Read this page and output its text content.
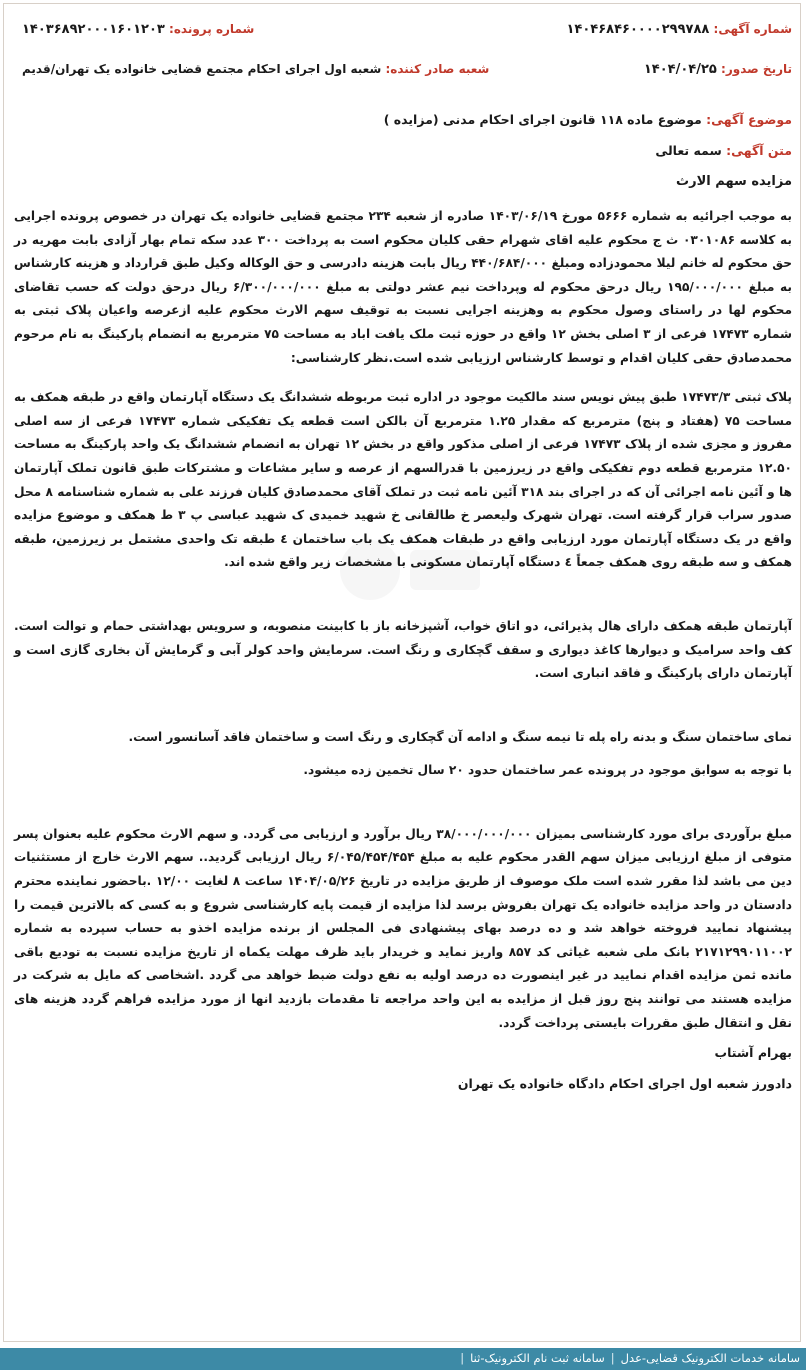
شماره آگهی: ۱۴۰۴۶۸۴۶۰۰۰۰۲۹۹۷۸۸
شماره پرونده: ۱۴۰۳۶۸۹۲۰۰۰۱۶۰۱۲۰۳
تاریخ صدور: ۱۴۰۴/۰۴/۲۵
شعبه صادر کننده: شعبه اول اجرای احکام مجتمع قضایی خانواده یک تهران/قدیم
موضوع آگهی: موضوع ماده ۱۱۸ قانون اجرای احکام مدنی (مزایده )
متن آگهی: سمه تعالی
مزایده سهم الارث

به موجب اجرائیه به شماره ۵۶۶۶ مورخ ۱۴۰۳/۰۶/۱۹ صادره از شعبه ۲۳۴ مجتمع قضایی خانواده یک تهران در خصوص پرونده اجرایی به کلاسه ۰۳۰۱۰۸۶ ث ج محکوم علیه اقای شهرام حقی کلیان محکوم است به پرداخت ۳۰۰ عدد سکه تمام بهار آزادی بابت مهریه در حق محکوم له خانم لیلا محمودزاده ومبلغ ۴۴۰/۶۸۴/۰۰۰ ریال بابت هزینه دادرسی و حق الوکاله وکیل طبق قرارداد و هزینه کارشناس به مبلغ ۱۹۵/۰۰۰/۰۰۰ ریال درحق محکوم له وپرداخت نیم عشر دولتی به مبلغ ۶/۳۰۰/۰۰۰/۰۰۰ ریال درحق دولت که حسب تقاضای محکوم لها در راستای وصول محکوم به وهزینه اجرایی نسبت به توقیف سهم الارث محکوم علیه ازعرصه واعیان پلاک ثبتی به شماره ۱۷۴۷۳ فرعی از ۳ اصلی بخش ۱۲ واقع در حوزه ثبت ملک یافت اباد به مساحت ۷۵ مترمربع به انضمام پارکینگ به نام مرحوم محمدصادق حقی کلیان اقدام و توسط کارشناس ارزیابی شده است.نظر کارشناسی:

پلاک ثبتی ۱۷۴۷۳/۳ طبق پیش نویس سند مالکیت موجود در اداره ثبت مربوطه ششدانگ یک دستگاه آپارتمان واقع در طبقه همکف به مساحت ۷۵ (هفتاد و پنج) مترمربع که مقدار ۱.۲۵ مترمربع آن بالکن است قطعه یک تفکیکی شماره ۱۷۴۷۳ فرعی از سه اصلی مفروز و مجزی شده از پلاک ۱۷۴۷۳ فرعی از اصلی مذکور واقع در بخش ۱۲ تهران به انضمام ششدانگ یک واحد پارکینگ به مساحت ۱۲.۵۰ مترمربع قطعه دوم تفکیکی واقع در زیرزمین با قدرالسهم از عرصه و سایر مشاعات و مشترکات طبق قانون تملک آپارتمان ها و آئین نامه اجرائی آن که در اجرای بند ۳۱۸ آئین نامه ثبت در تملک آقای محمدصادق کلیان فرزند علی به شماره شناسنامه ۸ محل صدور سراب قرار گرفته است. تهران شهرک ولیعصر خ طالقانی خ شهید خمیدی ک شهید عباسی پ ۳ ط همکف و موضوع مزایده واقع در یک دستگاه آپارتمان مورد ارزیابی واقع در طبقات همکف یک باب ساختمان ٤ طبقه تک واحدی مشتمل بر زیرزمین، طبقه همکف و سه طبقه روی همکف جمعاً ٤ دستگاه آپارتمان مسکونی با مشخصات زیر واقع شده اند.

آپارتمان طبقه همکف دارای هال پذیرائی، دو اتاق خواب، آشپزخانه باز با کابینت منصوبه، و سرویس بهداشتی حمام و توالت است. کف واحد سرامیک و دیوارها کاغذ دیواری و سقف گچکاری و رنگ است. سرمایش واحد کولر آبی و گرمایش آن بخاری گازی است و آپارتمان دارای پارکینگ و فاقد انباری است.

نمای ساختمان سنگ و بدنه راه پله تا نیمه سنگ و ادامه آن گچکاری و رنگ است و ساختمان فاقد آسانسور است.

با توجه به سوابق موجود در پرونده عمر ساختمان حدود ۲۰ سال تخمین زده میشود.

مبلغ برآوردی برای مورد کارشناسی بمیزان ۳۸/۰۰۰/۰۰۰/۰۰۰ ریال برآورد و ارزیابی می گردد. و سهم الارث محکوم علیه بعنوان پسر متوفی از مبلغ ارزیابی میزان سهم القدر محکوم علیه به مبلغ ۶/۰۴۵/۴۵۴/۴۵۴ ریال ارزیابی گردید.. سهم الارث خارج از مستثنیات دین می باشد لذا مقرر شده است ملک موصوف از طریق مزایده در تاریخ ۱۴۰۴/۰۵/۲۶ ساعت ۸ لغایت ۱۲/۰۰ .باحضور نماینده محترم دادستان در واحد مزایده خانواده یک تهران بفروش برسد لذا مزایده از قیمت پایه کارشناسی شروع و به کسی که بالاترین قیمت را پیشنهاد نمایید فروخته خواهد شد و ده درصد بهای پیشنهادی فی المجلس از برنده مزایده اخذو به حساب سپرده به شماره ۲۱۷۱۲۹۹۰۱۱۰۰۲ بانک ملی شعبه غیاثی کد ۸۵۷ واریز نماید و خریدار باید ظرف مهلت یکماه از تاریخ مزایده نسبت به تودیع باقی مانده ثمن مزایده اقدام نمایید در غیر اینصورت ده درصد اولیه به نفع دولت ضبط خواهد می گردد .اشخاصی که مایل به شرکت در مزایده هستند می توانند پنج روز قبل از مزایده به این واحد مراجعه تا مقدمات بازدید انها از مورد مزایده فراهم گردد هزینه های نقل و انتقال طبق مقررات بایستی پرداخت گردد.

بهرام آشتاب
دادورز شعبه اول اجرای احکام دادگاه خانواده یک تهران
سامانه خدمات الکترونیک قضایی-عدل|سامانه ثبت نام الکترونیک-ثنا|
